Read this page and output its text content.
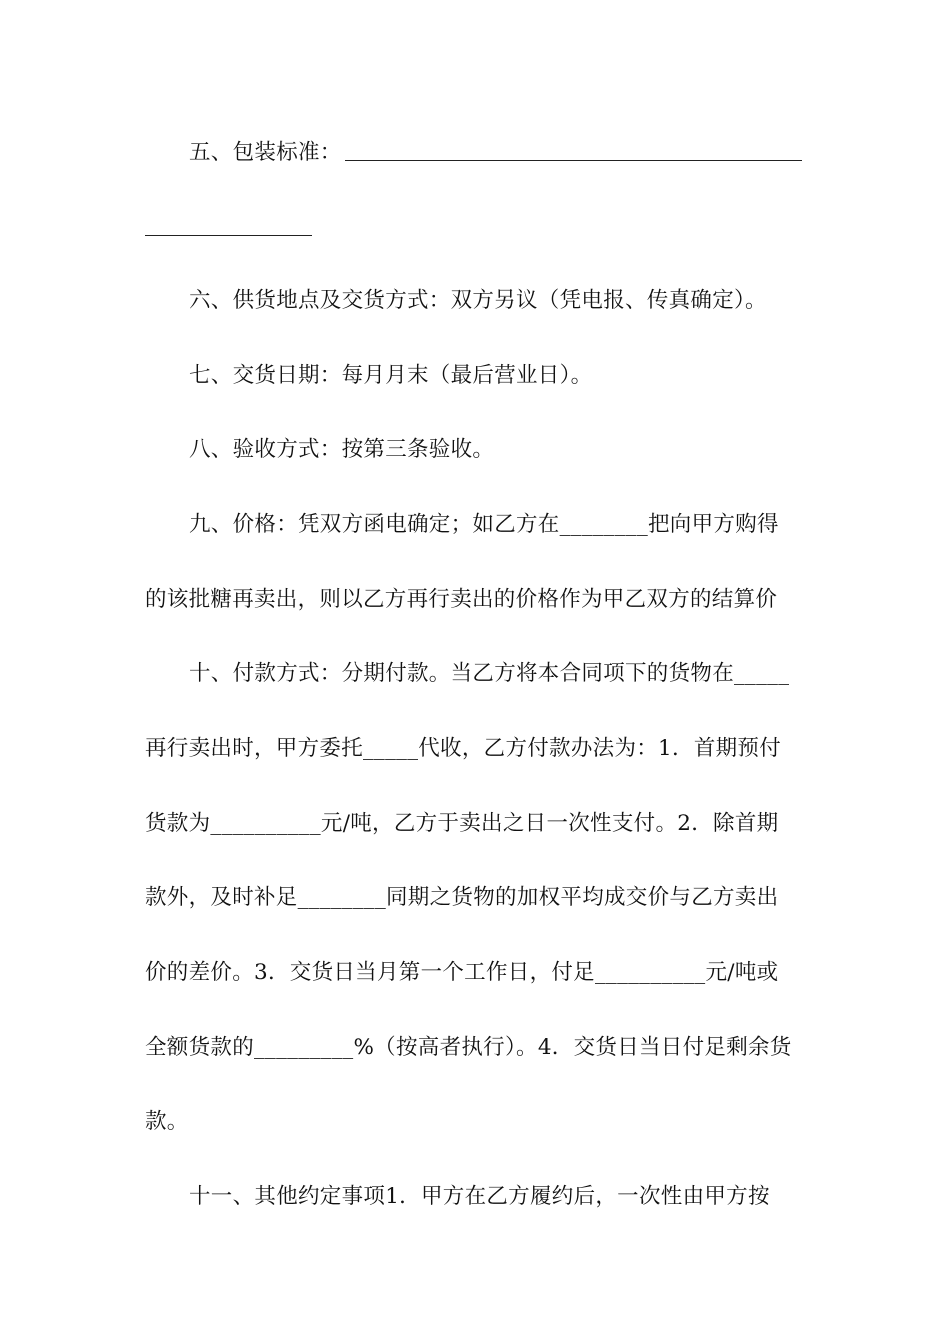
五、包装标准：
六、供货地点及交货方式：双方另议（凭电报、传真确定）。
七、交货日期：每月月末（最后营业日）。
八、验收方式：按第三条验收。
九、价格：凭双方函电确定；如乙方在________把向甲方购得
的该批糖再卖出，则以乙方再行卖出的价格作为甲乙双方的结算价
十、付款方式：分期付款。当乙方将本合同项下的货物在_____
再行卖出时，甲方委托_____代收，乙方付款办法为：1．首期预付
货款为__________元/吨，乙方于卖出之日一次性支付。2．除首期
款外，及时补足________同期之货物的加权平均成交价与乙方卖出
价的差价。3．交货日当月第一个工作日，付足__________元/吨或
全额货款的_________%（按高者执行）。4．交货日当日付足剩余货
款。
十一、其他约定事项1．甲方在乙方履约后，一次性由甲方按
